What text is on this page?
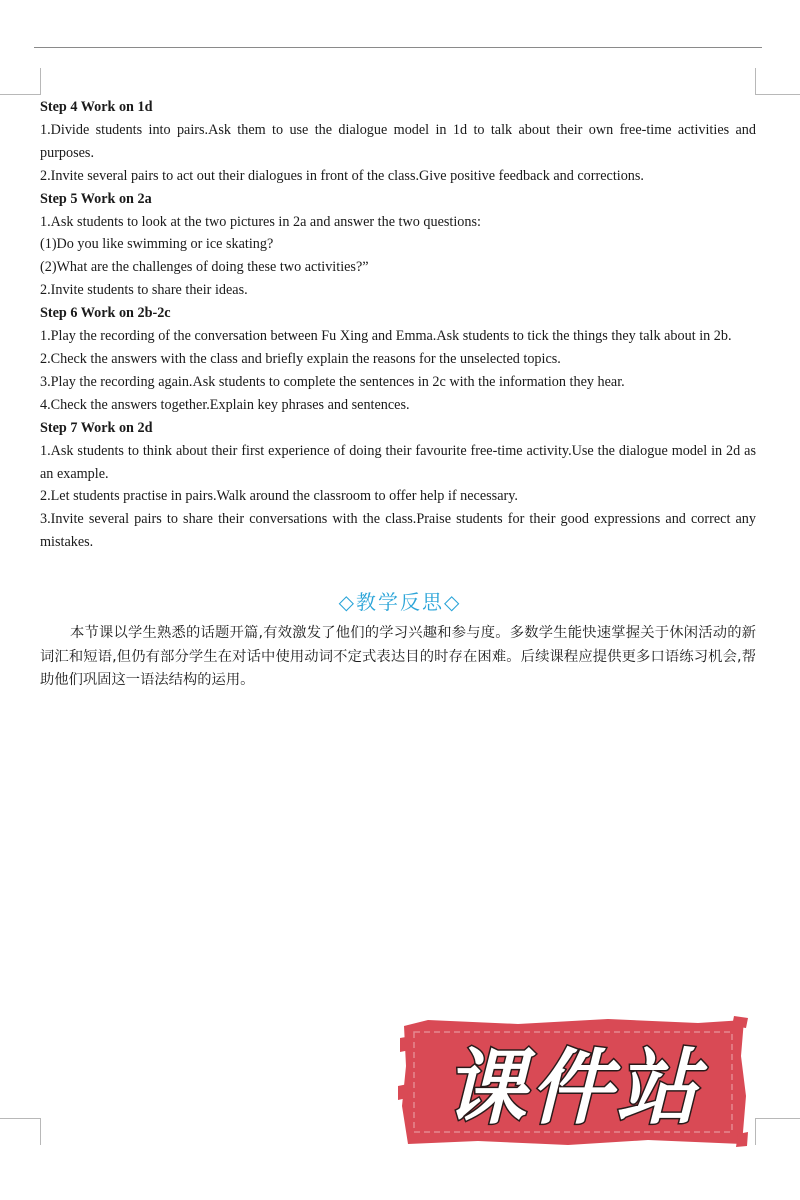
Step 4 Work on 1d

1.Divide students into pairs.Ask them to use the dialogue model in 1d to talk about their own free-time activities and purposes.

2.Invite several pairs to act out their dialogues in front of the class.Give positive feedback and corrections.

Step 5 Work on 2a

1.Ask students to look at the two pictures in 2a and answer the two questions:

(1)Do you like swimming or ice skating?

(2)What are the challenges of doing these two activities?”

2.Invite students to share their ideas.

Step 6 Work on 2b-2c

1.Play the recording of the conversation between Fu Xing and Emma.Ask students to tick the things they talk about in 2b.

2.Check the answers with the class and briefly explain the reasons for the unselected topics.

3.Play the recording again.Ask students to complete the sentences in 2c with the information they hear.

4.Check the answers together.Explain key phrases and sentences.

Step 7 Work on 2d

1.Ask students to think about their first experience of doing their favourite free-time activity.Use the dialogue model in 2d as an example.

2.Let students practise in pairs.Walk around the classroom to offer help if necessary.

3.Invite several pairs to share their conversations with the class.Praise students for their good expressions and correct any mistakes.

◇教学反思◇
本节课以学生熟悉的话题开篇,有效激发了他们的学习兴趣和参与度。多数学生能快速掌握关于休闲活动的新词汇和短语,但仍有部分学生在对话中使用动词不定式表达目的时存在困难。后续课程应提供更多口语练习机会,帮助他们巩固这一语法结构的运用。
课件站
